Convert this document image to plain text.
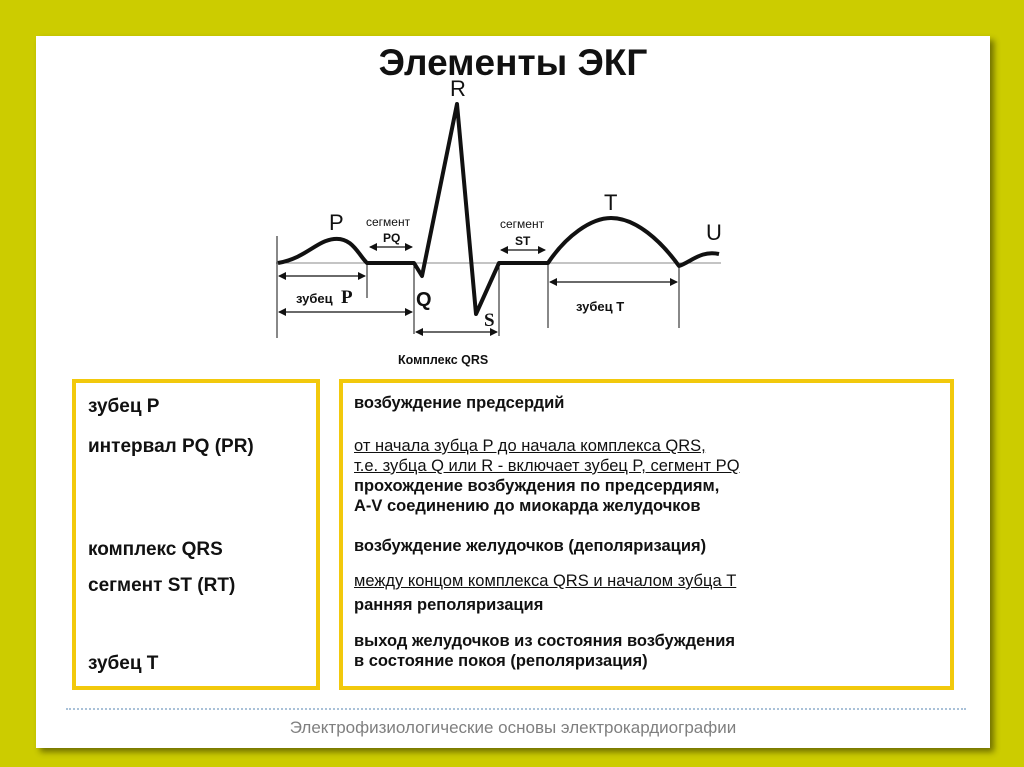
Элементы ЭКГ
R
P
T
U
Q
S
сегмент
PQ
сегмент
ST
зубец P
Комплекс QRS
зубец T
зубец P
интервал PQ (PR)
комплекс QRS
сегмент ST (RT)
зубец T
возбуждение предсердий
от начала зубца P до начала комплекса QRS,
т.е. зубца Q или R - включает зубец P, сегмент PQ
прохождение возбуждения по предсердиям,
A-V соединению до миокарда желудочков
возбуждение желудочков (деполяризация)
между концом комплекса QRS и началом зубца T
ранняя реполяризация
выход желудочков из состояния возбуждения
в состояние покоя (реполяризация)
Электрофизиологические основы электрокардиографии
